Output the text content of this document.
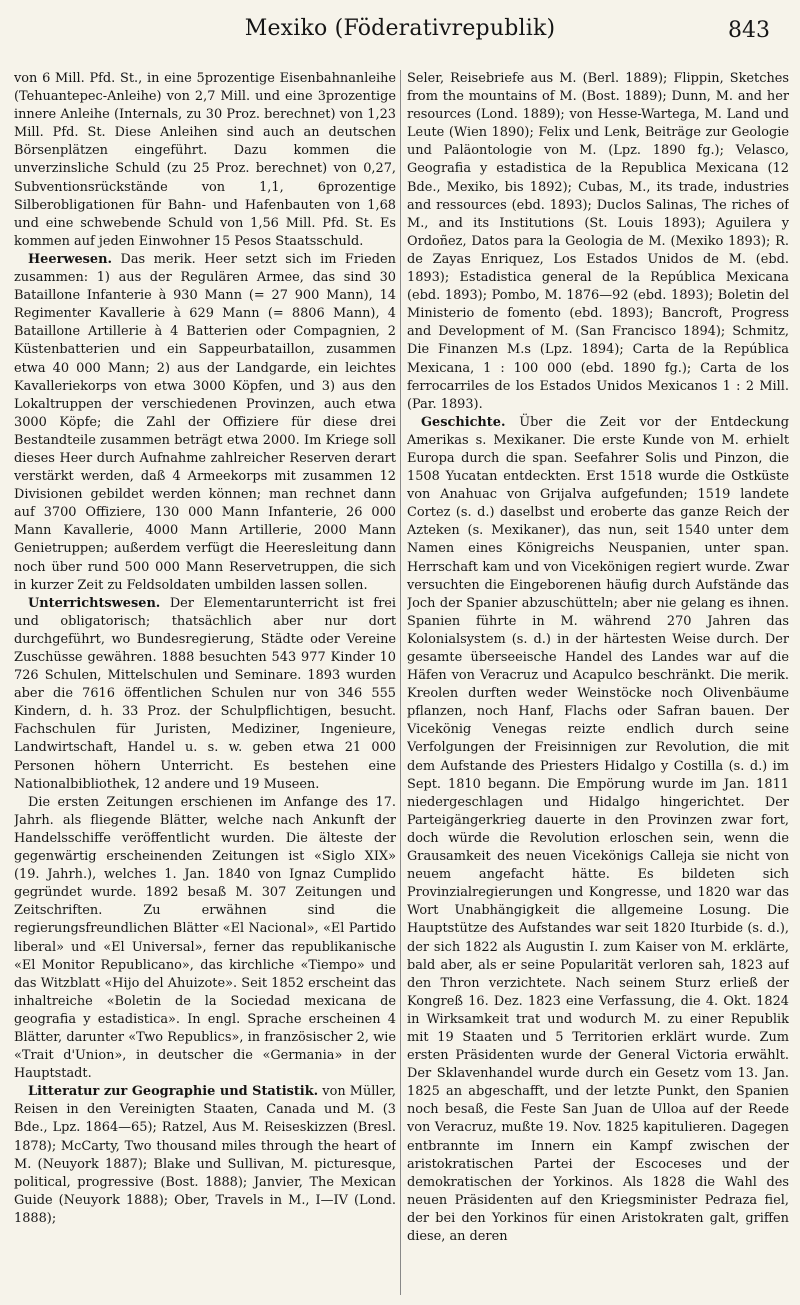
Mexiko (Föderativrepublik)	843

von 6 Mill. Pfd. St., in eine 5prozentige Eisenbahnanleihe (Tehuantepec-Anleihe) von 2,7 Mill. und eine 3prozentige innere Anleihe (Internals, zu 30 Proz. berechnet) von 1,23 Mill. Pfd. St. Diese Anleihen sind auch an deutschen Börsenplätzen eingeführt. Dazu kommen die unverzinsliche Schuld (zu 25 Proz. berechnet) von 0,27, Subventionsrückstände von 1,1, 6prozentige Silberobligationen für Bahn- und Hafenbauten von 1,68 und eine schwebende Schuld von 1,56 Mill. Pfd. St. Es kommen auf jeden Einwohner 15 Pesos Staatsschuld.

Heerwesen. Das merik. Heer setzt sich im Frieden zusammen: 1) aus der Regulären Armee, das sind 30 Bataillone Infanterie à 930 Mann (= 27 900 Mann), 14 Regimenter Kavallerie à 629 Mann (= 8806 Mann), 4 Bataillone Artillerie à 4 Batterien oder Compagnien, 2 Küstenbatterien und ein Sappeurbataillon, zusammen etwa 40 000 Mann; 2) aus der Landgarde, ein leichtes Kavalleriekorps von etwa 3000 Köpfen, und 3) aus den Lokaltruppen der verschiedenen Provinzen, auch etwa 3000 Köpfe; die Zahl der Offiziere für diese drei Bestandteile zusammen beträgt etwa 2000. Im Kriege soll dieses Heer durch Aufnahme zahlreicher Reserven derart verstärkt werden, daß 4 Armeekorps mit zusammen 12 Divisionen gebildet werden können; man rechnet dann auf 3700 Offiziere, 130 000 Mann Infanterie, 26 000 Mann Kavallerie, 4000 Mann Artillerie, 2000 Mann Genietruppen; außerdem verfügt die Heeresleitung dann noch über rund 500 000 Mann Reservetruppen, die sich in kurzer Zeit zu Feldsoldaten umbilden lassen sollen.

Unterrichtswesen. Der Elementarunterricht ist frei und obligatorisch; thatsächlich aber nur dort durchgeführt, wo Bundesregierung, Städte oder Vereine Zuschüsse gewähren. 1888 besuchten 543 977 Kinder 10 726 Schulen, Mittelschulen und Seminare. 1893 wurden aber die 7616 öffentlichen Schulen nur von 346 555 Kindern, d. h. 33 Proz. der Schulpflichtigen, besucht. Fachschulen für Juristen, Mediziner, Ingenieure, Landwirtschaft, Handel u. s. w. geben etwa 21 000 Personen höhern Unterricht. Es bestehen eine Nationalbibliothek, 12 andere und 19 Museen.

Die ersten Zeitungen erschienen im Anfange des 17. Jahrh. als fliegende Blätter, welche nach Ankunft der Handelsschiffe veröffentlicht wurden. Die älteste der gegenwärtig erscheinenden Zeitungen ist «Siglo XIX» (19. Jahrh.), welches 1. Jan. 1840 von Ignaz Cumplido gegründet wurde. 1892 besaß M. 307 Zeitungen und Zeitschriften. Zu erwähnen sind die regierungsfreundlichen Blätter «El Nacional», «El Partido liberal» und «El Universal», ferner das republikanische «El Monitor Republicano», das kirchliche «Tiempo» und das Witzblatt «Hijo del Ahuizote». Seit 1852 erscheint das inhaltreiche «Boletin de la Sociedad mexicana de geografia y estadistica». In engl. Sprache erscheinen 4 Blätter, darunter «Two Republics», in französischer 2, wie «Trait d'Union», in deutscher die «Germania» in der Hauptstadt.

Litteratur zur Geographie und Statistik. von Müller, Reisen in den Vereinigten Staaten, Canada und M. (3 Bde., Lpz. 1864—65); Ratzel, Aus M. Reiseskizzen (Bresl. 1878); McCarty, Two thousand miles through the heart of M. (Neuyork 1887); Blake und Sullivan, M. picturesque, political, progressive (Bost. 1888); Janvier, The Mexican Guide (Neuyork 1888); Ober, Travels in M., I—IV (Lond. 1888);

Seler, Reisebriefe aus M. (Berl. 1889); Flippin, Sketches from the mountains of M. (Bost. 1889); Dunn, M. and her resources (Lond. 1889); von Hesse-Wartega, M. Land und Leute (Wien 1890); Felix und Lenk, Beiträge zur Geologie und Paläontologie von M. (Lpz. 1890 fg.); Velasco, Geografia y estadistica de la Republica Mexicana (12 Bde., Mexiko, bis 1892); Cubas, M., its trade, industries and ressources (ebd. 1893); Duclos Salinas, The riches of M., and its Institutions (St. Louis 1893); Aguilera y Ordoñez, Datos para la Geologia de M. (Mexiko 1893); R. de Zayas Enriquez, Los Estados Unidos de M. (ebd. 1893); Estadistica general de la República Mexicana (ebd. 1893); Pombo, M. 1876—92 (ebd. 1893); Boletin del Ministerio de fomento (ebd. 1893); Bancroft, Progress and Development of M. (San Francisco 1894); Schmitz, Die Finanzen M.s (Lpz. 1894); Carta de la República Mexicana, 1 : 100 000 (ebd. 1890 fg.); Carta de los ferrocarriles de los Estados Unidos Mexicanos 1 : 2 Mill. (Par. 1893).

Geschichte. Über die Zeit vor der Entdeckung Amerikas s. Mexikaner. Die erste Kunde von M. erhielt Europa durch die span. Seefahrer Solis und Pinzon, die 1508 Yucatan entdeckten. Erst 1518 wurde die Ostküste von Anahuac von Grijalva aufgefunden; 1519 landete Cortez (s. d.) daselbst und eroberte das ganze Reich der Azteken (s. Mexikaner), das nun, seit 1540 unter dem Namen eines Königreichs Neuspanien, unter span. Herrschaft kam und von Vicekönigen regiert wurde. Zwar versuchten die Eingeborenen häufig durch Aufstände das Joch der Spanier abzuschütteln; aber nie gelang es ihnen. Spanien führte in M. während 270 Jahren das Kolonialsystem (s. d.) in der härtesten Weise durch. Der gesamte überseeische Handel des Landes war auf die Häfen von Veracruz und Acapulco beschränkt. Die merik. Kreolen durften weder Weinstöcke noch Olivenbäume pflanzen, noch Hanf, Flachs oder Safran bauen. Der Vicekönig Venegas reizte endlich durch seine Verfolgungen der Freisinnigen zur Revolution, die mit dem Aufstande des Priesters Hidalgo y Costilla (s. d.) im Sept. 1810 begann. Die Empörung wurde im Jan. 1811 niedergeschlagen und Hidalgo hingerichtet. Der Parteigängerkrieg dauerte in den Provinzen zwar fort, doch würde die Revolution erloschen sein, wenn die Grausamkeit des neuen Vicekönigs Calleja sie nicht von neuem angefacht hätte. Es bildeten sich Provinzialregierungen und Kongresse, und 1820 war das Wort Unabhängigkeit die allgemeine Losung. Die Hauptstütze des Aufstandes war seit 1820 Iturbide (s. d.), der sich 1822 als Augustin I. zum Kaiser von M. erklärte, bald aber, als er seine Popularität verloren sah, 1823 auf den Thron verzichtete. Nach seinem Sturz erließ der Kongreß 16. Dez. 1823 eine Verfassung, die 4. Okt. 1824 in Wirksamkeit trat und wodurch M. zu einer Republik mit 19 Staaten und 5 Territorien erklärt wurde. Zum ersten Präsidenten wurde der General Victoria erwählt. Der Sklavenhandel wurde durch ein Gesetz vom 13. Jan. 1825 an abgeschafft, und der letzte Punkt, den Spanien noch besaß, die Feste San Juan de Ulloa auf der Reede von Veracruz, mußte 19. Nov. 1825 kapitulieren. Dagegen entbrannte im Innern ein Kampf zwischen der aristokratischen Partei der Escoceses und der demokratischen der Yorkinos. Als 1828 die Wahl des neuen Präsidenten auf den Kriegsminister Pedraza fiel, der bei den Yorkinos für einen Aristokraten galt, griffen diese, an deren
